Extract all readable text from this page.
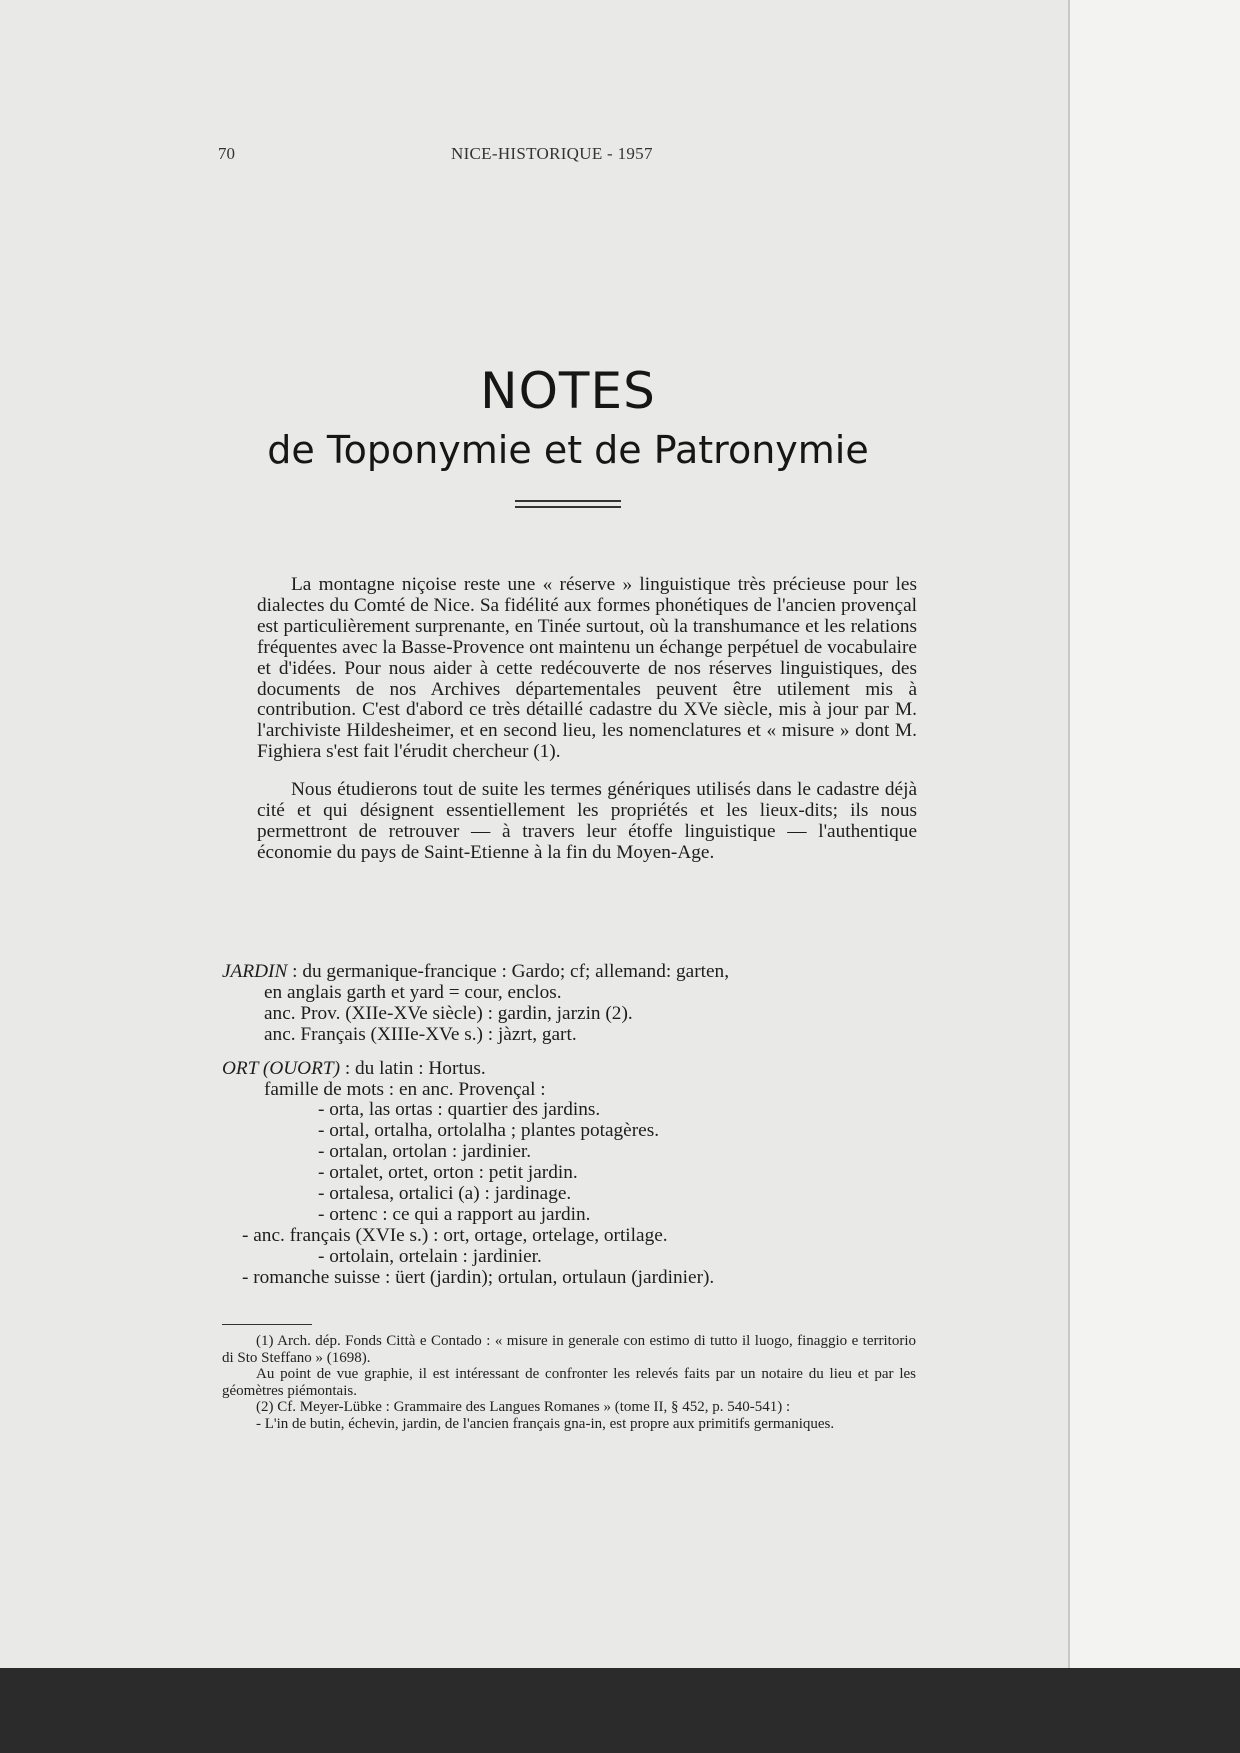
70	NICE-HISTORIQUE - 1957
NOTES
de Toponymie et de Patronymie

La montagne niçoise reste une « réserve » linguistique très précieuse pour les dialectes du Comté de Nice. Sa fidélité aux formes phonétiques de l'ancien provençal est particulièrement surprenante, en Tinée surtout, où la transhumance et les relations fréquentes avec la Basse-Provence ont maintenu un échange perpétuel de vocabulaire et d'idées. Pour nous aider à cette redécouverte de nos réserves linguistiques, des documents de nos Archives départementales peuvent être utilement mis à contribution. C'est d'abord ce très détaillé cadastre du XVe siècle, mis à jour par M. l'archiviste Hildesheimer, et en second lieu, les nomenclatures et « misure » dont M. Fighiera s'est fait l'érudit chercheur (1).

Nous étudierons tout de suite les termes génériques utilisés dans le cadastre déjà cité et qui désignent essentiellement les propriétés et les lieux-dits; ils nous permettront de retrouver — à travers leur étoffe linguistique — l'authentique économie du pays de Saint-Etienne à la fin du Moyen-Age.

JARDIN : du germanique-francique : Gardo; cf; allemand: garten,

en anglais garth et yard = cour, enclos.

anc. Prov. (XIIe-XVe siècle) : gardin, jarzin (2).

anc. Français (XIIIe-XVe s.) : jàzrt, gart.

ORT (OUORT) : du latin : Hortus.

famille de mots : en anc. Provençal :

- orta, las ortas : quartier des jardins.

- ortal, ortalha, ortolalha ; plantes potagères.

- ortalan, ortolan : jardinier.

- ortalet, ortet, orton : petit jardin.

- ortalesa, ortalici (a) : jardinage.

- ortenc : ce qui a rapport au jardin.

- anc. français (XVIe s.) : ort, ortage, ortelage, ortilage.

- ortolain, ortelain : jardinier.

- romanche suisse : üert (jardin); ortulan, ortulaun (jardinier).

(1) Arch. dép. Fonds Città e Contado : « misure in generale con estimo di tutto il luogo, finaggio e territorio di Sto Steffano » (1698).

Au point de vue graphie, il est intéressant de confronter les relevés faits par un notaire du lieu et par les géomètres piémontais.

(2) Cf. Meyer-Lübke : Grammaire des Langues Romanes » (tome II, § 452, p. 540-541) :

- L'in de butin, échevin, jardin, de l'ancien français gna-in, est propre aux primitifs germaniques.
